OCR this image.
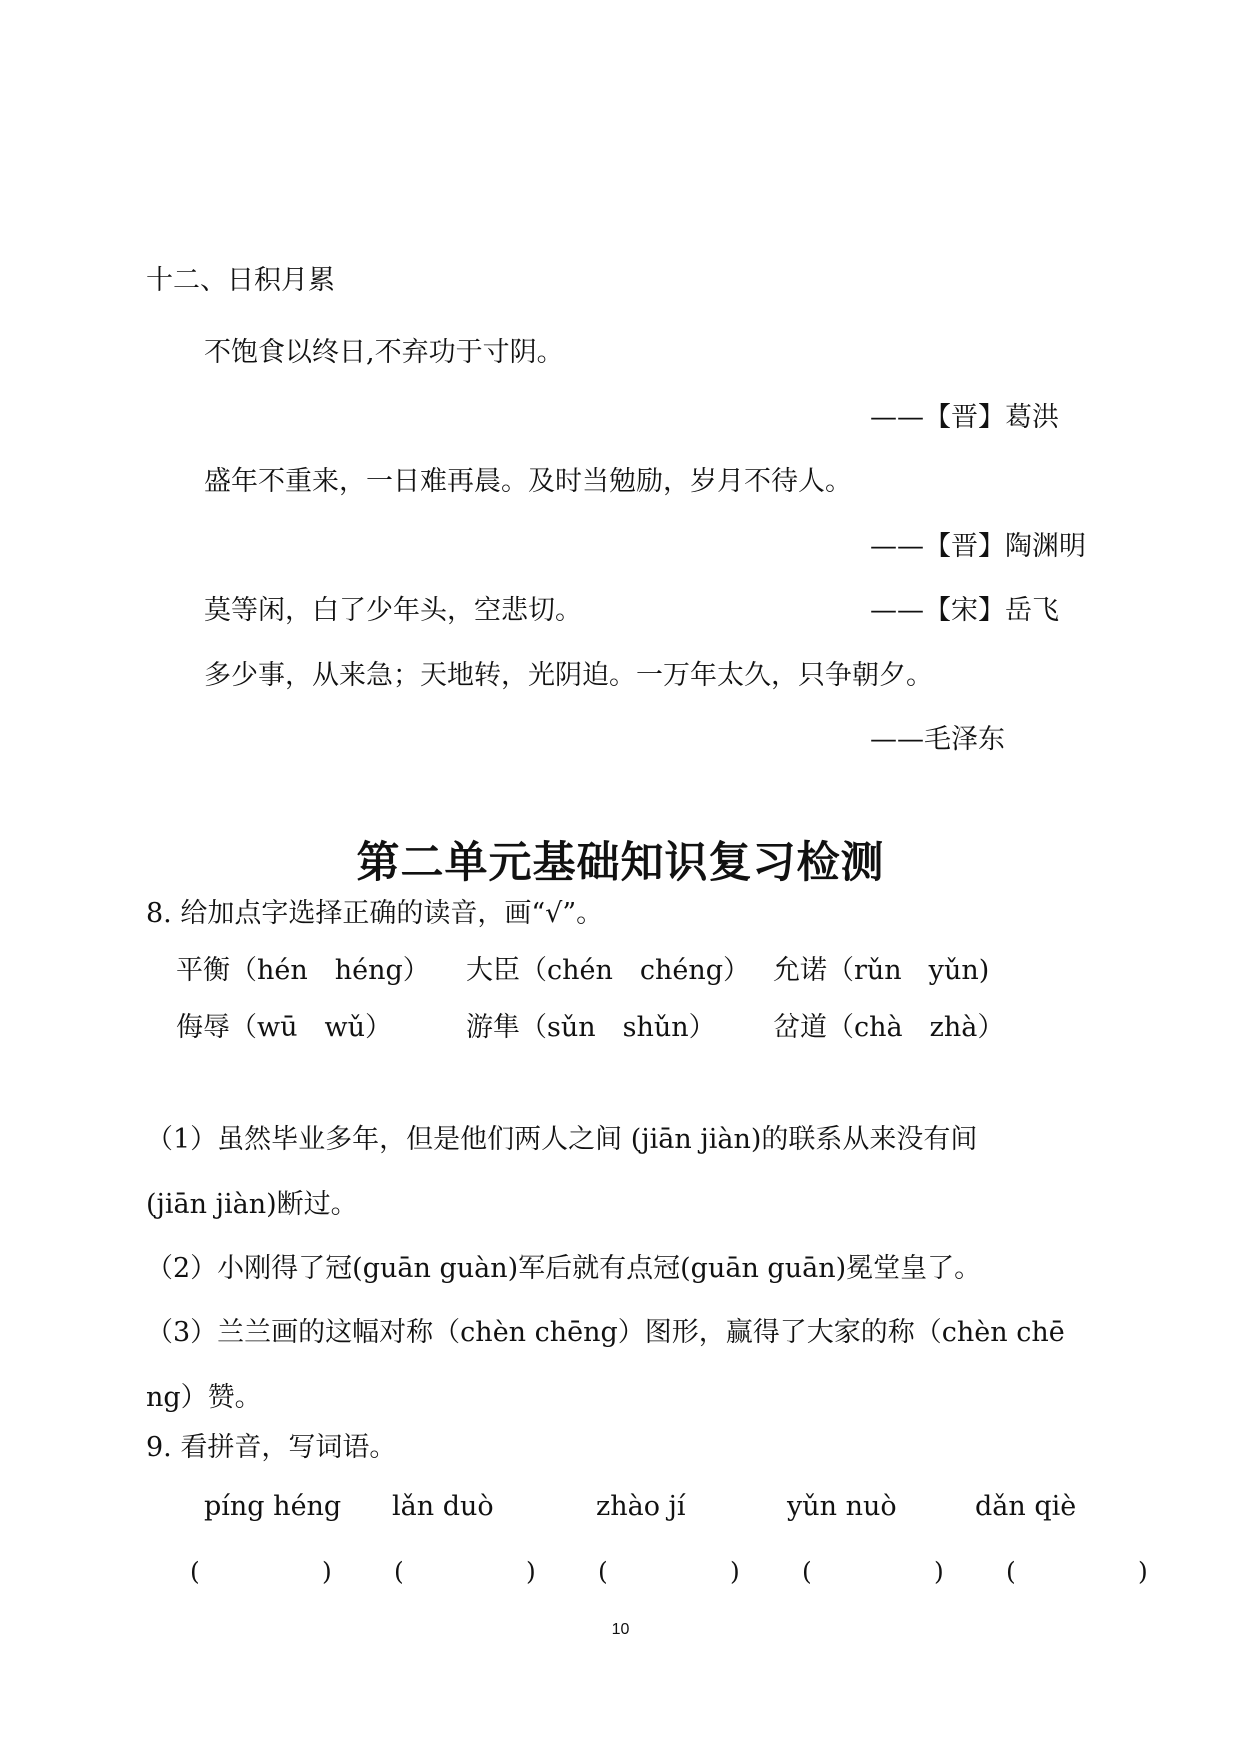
十二、日积月累
不饱食以终日,不弃功于寸阴。
——【晋】葛洪
盛年不重来，一日难再晨。及时当勉励，岁月不待人。
——【晋】陶渊明
莫等闲，白了少年头，空悲切。	——【宋】岳飞
多少事，从来急；天地转，光阴迫。一万年太久，只争朝夕。
——毛泽东
第二单元基础知识复习检测
8. 给加点字选择正确的读音，画“√”。
平衡（hén　héng） 大臣（chén　chéng） 允诺（rǔn　yǔn)
侮辱（wū　wǔ）	游隼（sǔn　shǔn） 岔道（chà　zhà）
（1）虽然毕业多年，但是他们两人之间 (jiān jiàn)的联系从来没有间
(jiān jiàn)断过。
（2）小刚得了冠(guān guàn)军后就有点冠(guān guān)冕堂皇了。
（3）兰兰画的这幅对称（chèn chēng）图形，赢得了大家的称（chèn chē
ng）赞。
9. 看拼音，写词语。
píng héng lǎn duò	zhào jí	yǔn nuò	dǎn qiè
(	) (	) (	) (	) (	)
10
